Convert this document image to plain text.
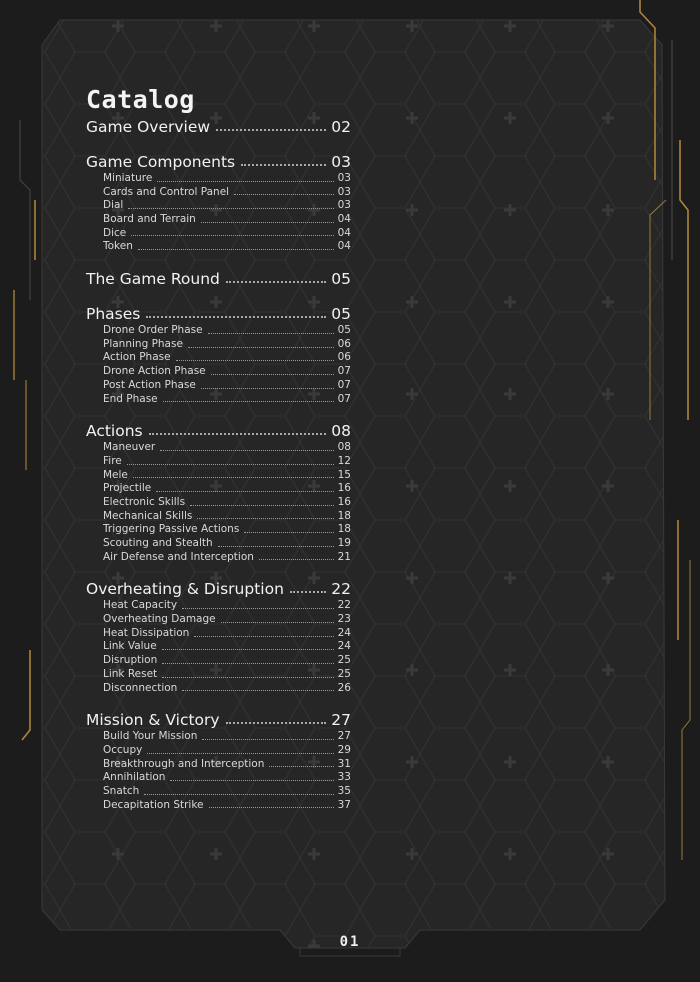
Catalog
Game Overview	02
Game Components	03
Miniature	03
Cards and Control Panel	03
Dial	03
Board and Terrain	04
Dice	04
Token	04
The Game Round	05
Phases	05
Drone Order Phase	05
Planning Phase	06
Action Phase	06
Drone Action Phase	07
Post Action Phase	07
End Phase	07
Actions	08
Maneuver	08
Fire	12
Mele	15
Projectile	16
Electronic Skills	16
Mechanical Skills	18
Triggering Passive Actions	18
Scouting and Stealth	19
Air Defense and Interception	21
Overheating & Disruption	22
Heat Capacity	22
Overheating Damage	23
Heat Dissipation	24
Link Value	24
Disruption	25
Link Reset	25
Disconnection	26
Mission & Victory	27
Build Your Mission	27
Occupy	29
Breakthrough and Interception	31
Annihilation	33
Snatch	35
Decapitation Strike	37
01
